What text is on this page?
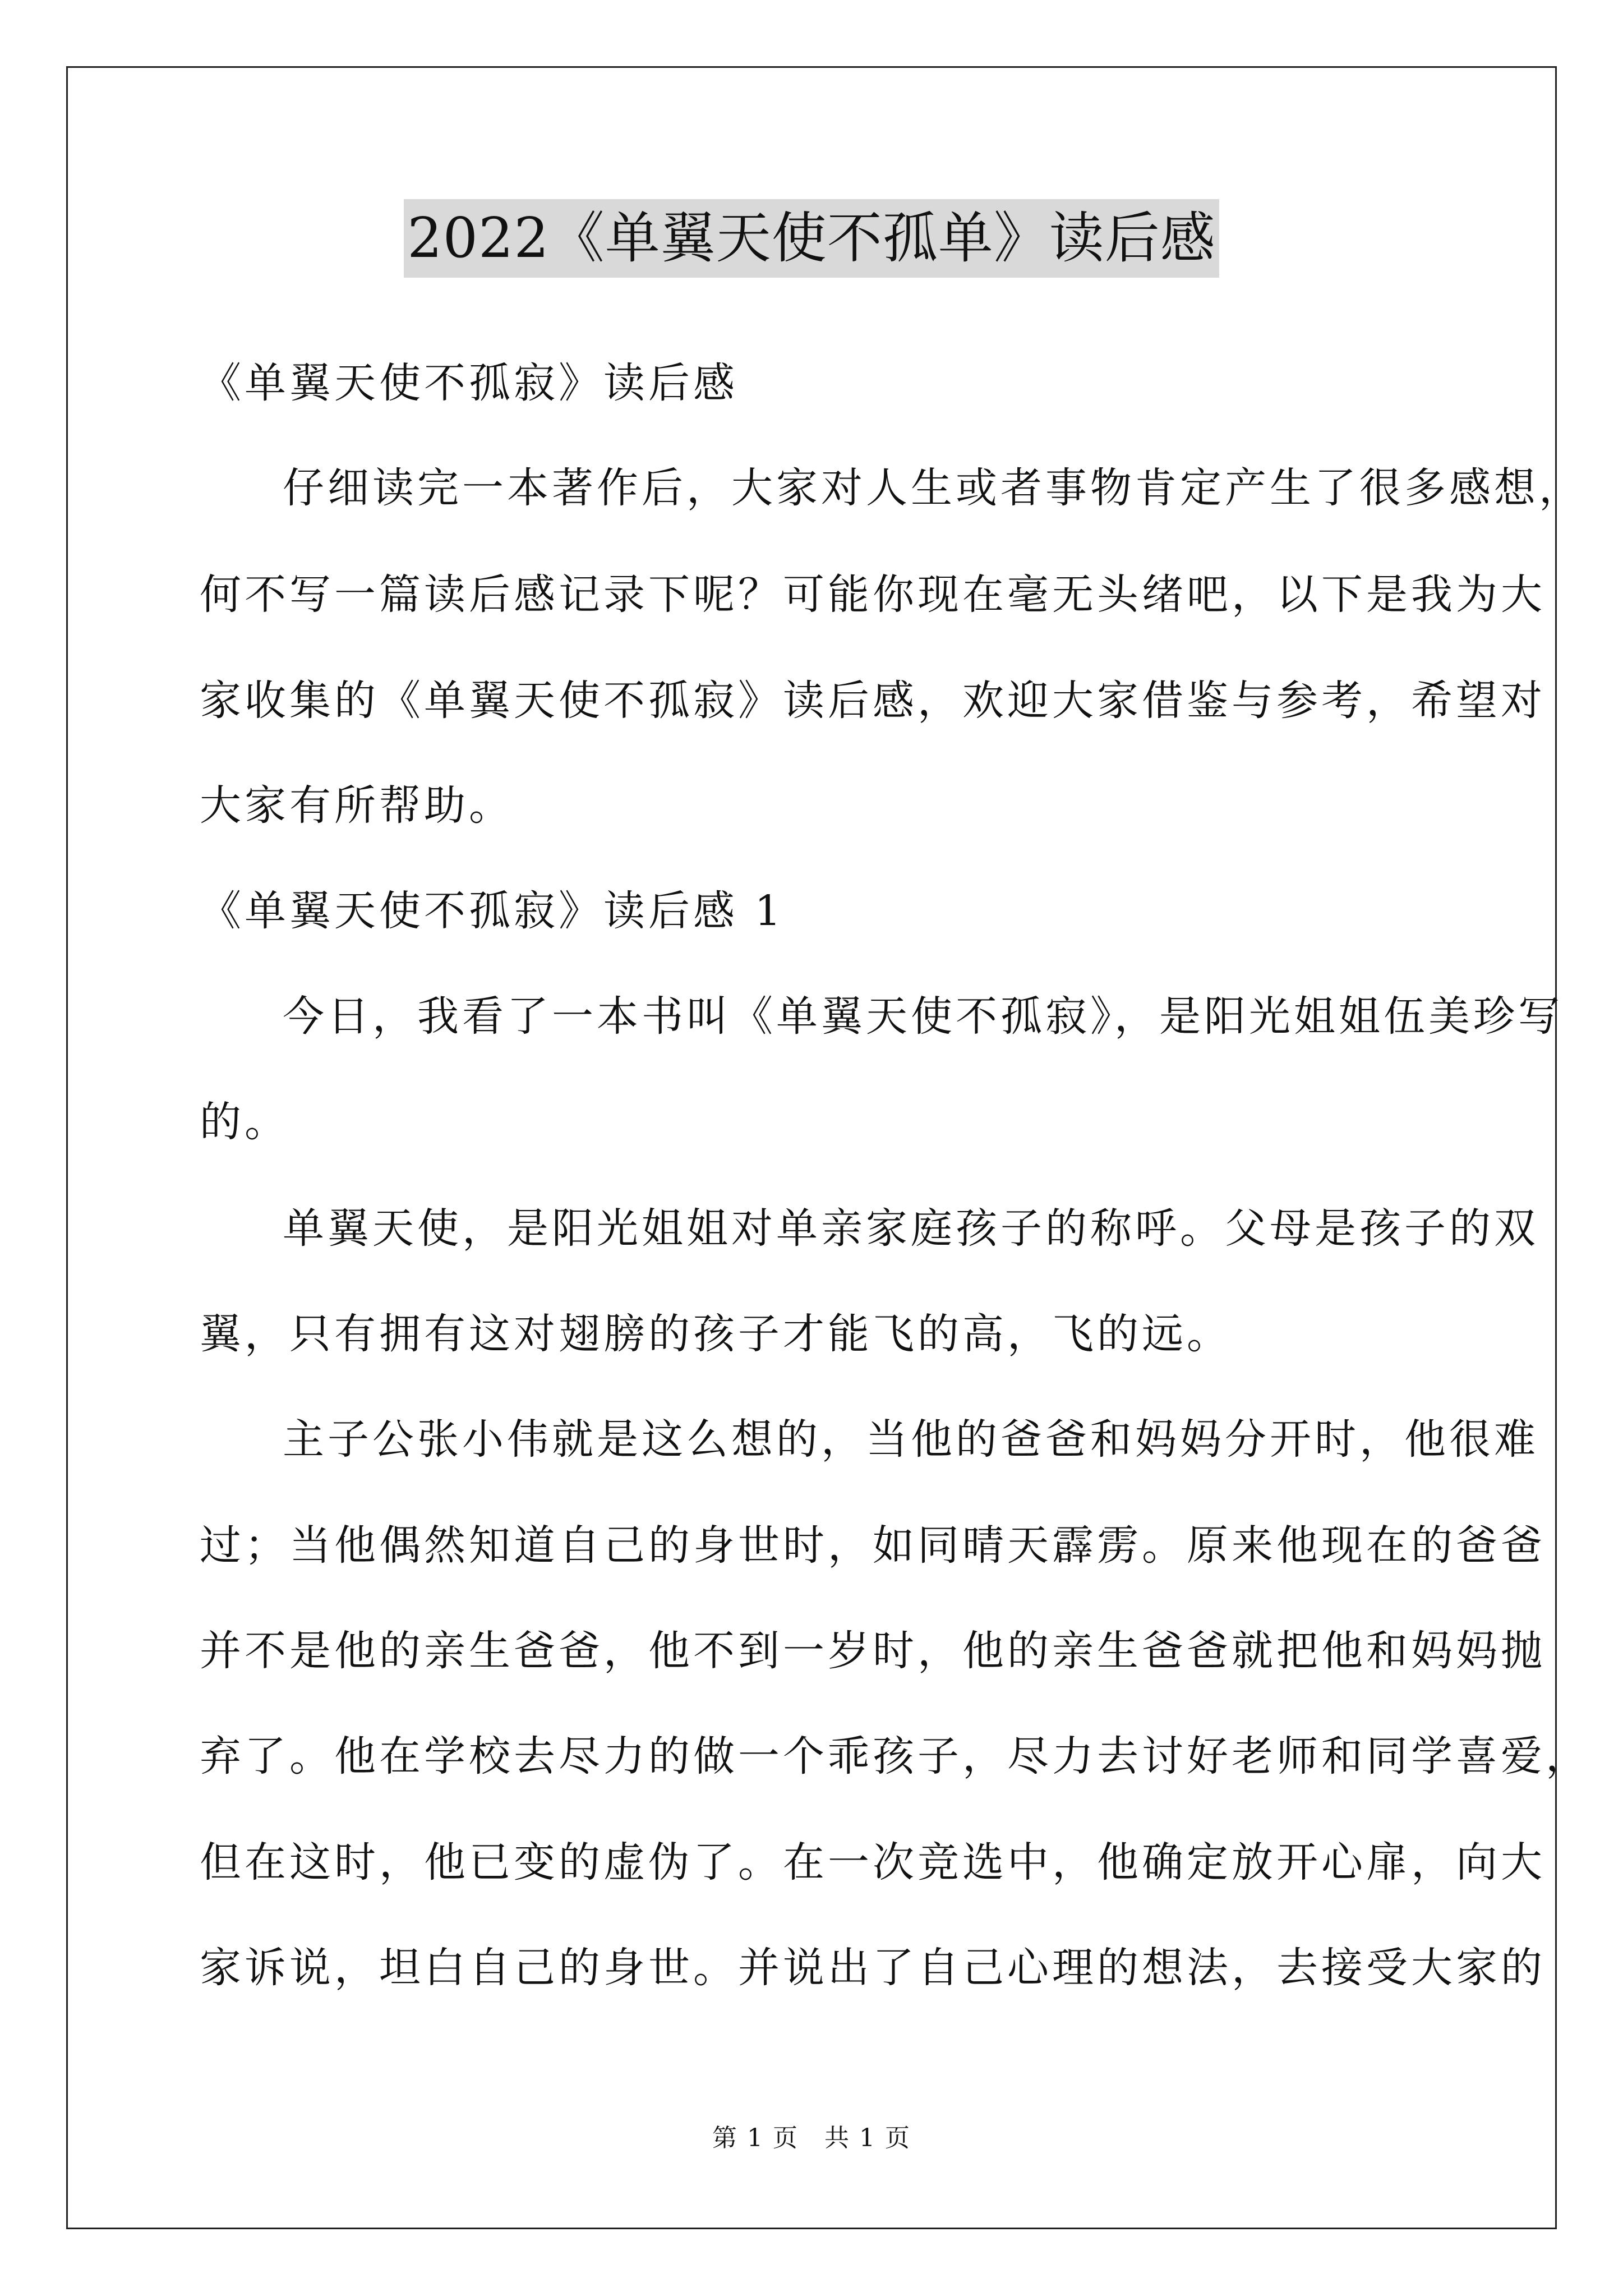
2022《单翼天使不孤单》读后感
《单翼天使不孤寂》读后感
仔细读完一本著作后，大家对人生或者事物肯定产生了很多感想，
何不写一篇读后感记录下呢？可能你现在毫无头绪吧，以下是我为大
家收集的《单翼天使不孤寂》读后感，欢迎大家借鉴与参考，希望对
大家有所帮助。
《单翼天使不孤寂》读后感 1
今日，我看了一本书叫《单翼天使不孤寂》，是阳光姐姐伍美珍写
的。
单翼天使，是阳光姐姐对单亲家庭孩子的称呼。父母是孩子的双
翼，只有拥有这对翅膀的孩子才能飞的高，飞的远。
主子公张小伟就是这么想的，当他的爸爸和妈妈分开时，他很难
过；当他偶然知道自己的身世时，如同晴天霹雳。原来他现在的爸爸
并不是他的亲生爸爸，他不到一岁时，他的亲生爸爸就把他和妈妈抛
弃了。他在学校去尽力的做一个乖孩子，尽力去讨好老师和同学喜爱，
但在这时，他已变的虚伪了。在一次竞选中，他确定放开心扉，向大
家诉说，坦白自己的身世。并说出了自己心理的想法，去接受大家的
第 1 页 共 1 页
